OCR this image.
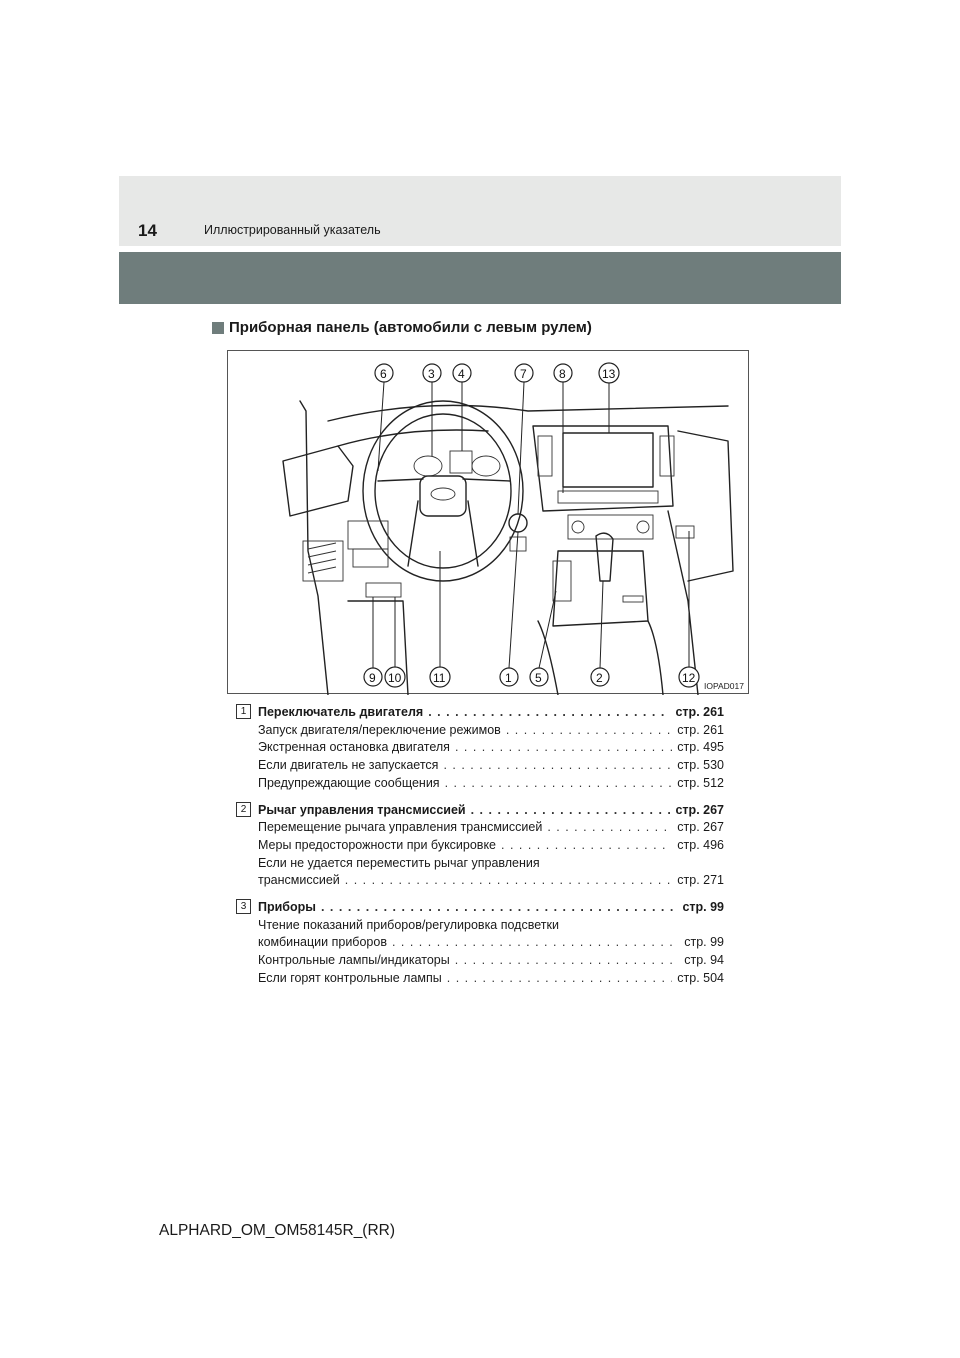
14	Иллюстрированный указатель
Приборная панель (автомобили с левым рулем)
6	3 4	7	8	13
9 10	11	1 5	2	12
IOPAD017
1 Переключатель двигателя . . .	стр. 261
Запуск двигателя/переключение режимов . . .	стр. 261
Экстренная остановка двигателя . . .	стр. 495
Если двигатель не запускается . . .	стр. 530
Предупреждающие сообщения . . .	стр. 512
2 Рычаг управления трансмиссией . . .	стр. 267
Перемещение рычага управления трансмиссией . . .	стр. 267
Меры предосторожности при буксировке . . .	стр. 496
Если не удается переместить рычаг управления
трансмиссией . . .	стр. 271
3 Приборы . . .	стр. 99
Чтение показаний приборов/регулировка подсветки
комбинации приборов . . .	стр. 99
Контрольные лампы/индикаторы . . .	стр. 94
Если горят контрольные лампы . . .	стр. 504
ALPHARD_OM_OM58145R_(RR)
